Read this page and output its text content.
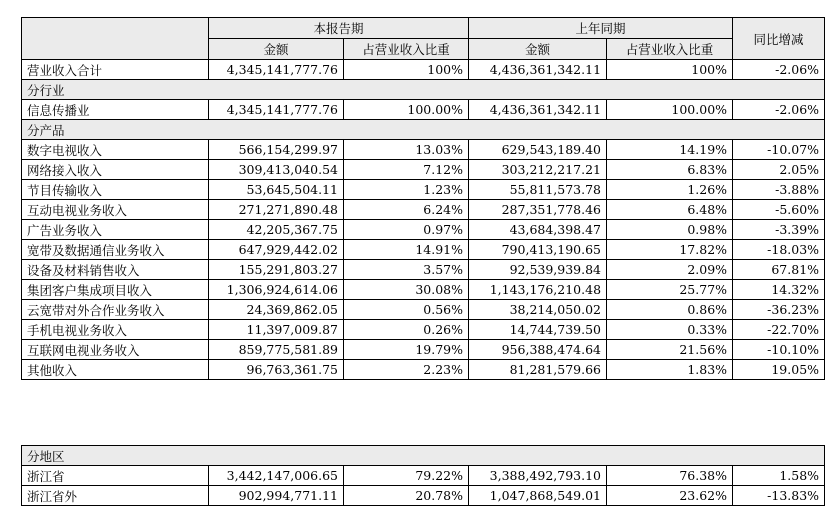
	本报告期		上年同期		同比增减
	金额	占营业收入比重	金额	占营业收入比重	
营业收入合计	4,345,141,777.76	100%	4,436,361,342.11	100%	-2.06%
分行业					
信息传播业	4,345,141,777.76	100.00%	4,436,361,342.11	100.00%	-2.06%
分产品					
数字电视收入	566,154,299.97	13.03%	629,543,189.40	14.19%	-10.07%
网络接入收入	309,413,040.54	7.12%	303,212,217.21	6.83%	2.05%
节目传输收入	53,645,504.11	1.23%	55,811,573.78	1.26%	-3.88%
互动电视业务收入	271,271,890.48	6.24%	287,351,778.46	6.48%	-5.60%
广告业务收入	42,205,367.75	0.97%	43,684,398.47	0.98%	-3.39%
宽带及数据通信业务收入	647,929,442.02	14.91%	790,413,190.65	17.82%	-18.03%
设备及材料销售收入	155,291,803.27	3.57%	92,539,939.84	2.09%	67.81%
集团客户集成项目收入	1,306,924,614.06	30.08%	1,143,176,210.48	25.77%	14.32%
云宽带对外合作业务收入	24,369,862.05	0.56%	38,214,050.02	0.86%	-36.23%
手机电视业务收入	11,397,009.87	0.26%	14,744,739.50	0.33%	-22.70%
互联网电视业务收入	859,775,581.89	19.79%	956,388,474.64	21.56%	-10.10%
其他收入	96,763,361.75	2.23%	81,281,579.66	1.83%	19.05%
分地区					
浙江省	3,442,147,006.65	79.22%	3,388,492,793.10	76.38%	1.58%
浙江省外	902,994,771.11	20.78%	1,047,868,549.01	23.62%	-13.83%
